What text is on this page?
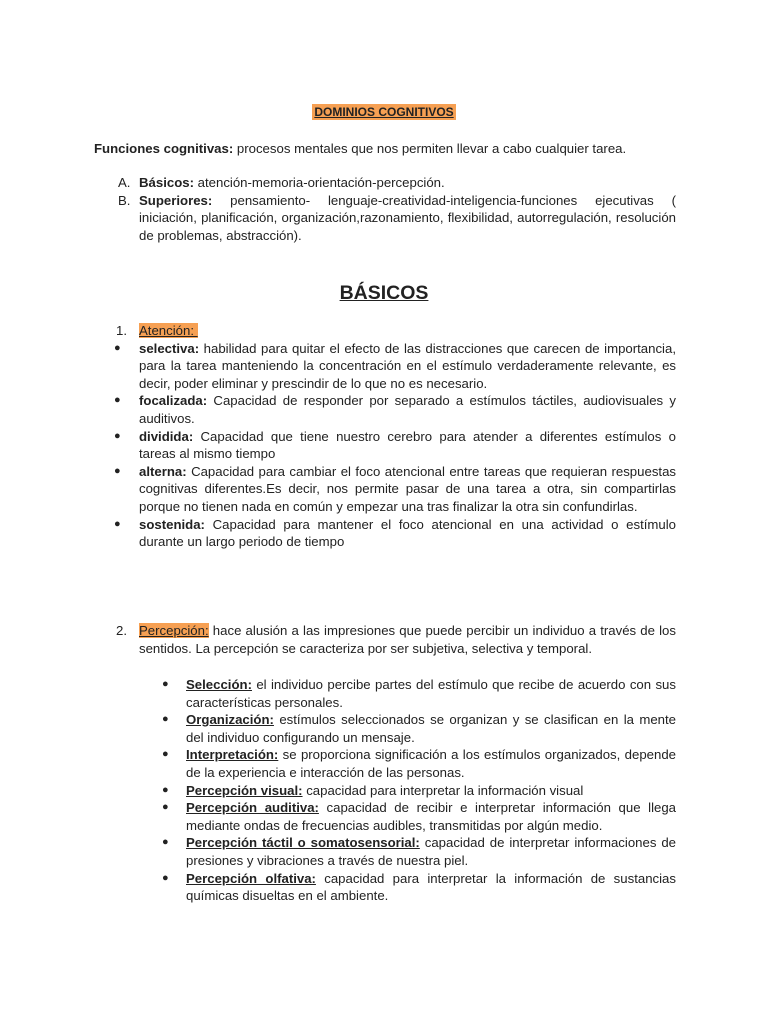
DOMINIOS COGNITIVOS
Funciones cognitivas: procesos mentales que nos permiten llevar a cabo cualquier tarea.
A. Básicos: atención-memoria-orientación-percepción.
B. Superiores: pensamiento- lenguaje-creatividad-inteligencia-funciones ejecutivas ( iniciación, planificación, organización,razonamiento, flexibilidad, autorregulación, resolución de problemas, abstracción).
BÁSICOS
1. Atención:
●	selectiva: habilidad para quitar el efecto de las distracciones que carecen de importancia, para la tarea manteniendo la concentración en el estímulo verdaderamente relevante, es decir, poder eliminar y prescindir de lo que no es necesario.
●	focalizada: Capacidad de responder por separado a estímulos táctiles, audiovisuales y auditivos.
●	dividida: Capacidad que tiene nuestro cerebro para atender a diferentes estímulos o tareas al mismo tiempo
●	alterna: Capacidad para cambiar el foco atencional entre tareas que requieran respuestas cognitivas diferentes.Es decir, nos permite pasar de una tarea a otra, sin compartirlas porque no tienen nada en común y empezar una tras finalizar la otra sin confundirlas.
●	sostenida: Capacidad para mantener el foco atencional en una actividad o estímulo durante un largo periodo de tiempo
2. Percepción: hace alusión a las impresiones que puede percibir un individuo a través de los sentidos. La percepción se caracteriza por ser subjetiva, selectiva y temporal.
●	Selección: el individuo percibe partes del estímulo que recibe de acuerdo con sus características personales.
●	Organización: estímulos seleccionados se organizan y se clasifican en la mente del individuo configurando un mensaje.
●	Interpretación: se proporciona significación a los estímulos organizados, depende de la experiencia e interacción de las personas.
●	Percepción visual: capacidad para interpretar la información visual
●	Percepción auditiva: capacidad de recibir e interpretar información que llega mediante ondas de frecuencias audibles, transmitidas por algún medio.
●	Percepción táctil o somatosensorial: capacidad de interpretar informaciones de presiones y vibraciones a través de nuestra piel.
●	Percepción olfativa: capacidad para interpretar la información de sustancias químicas disueltas en el ambiente.
